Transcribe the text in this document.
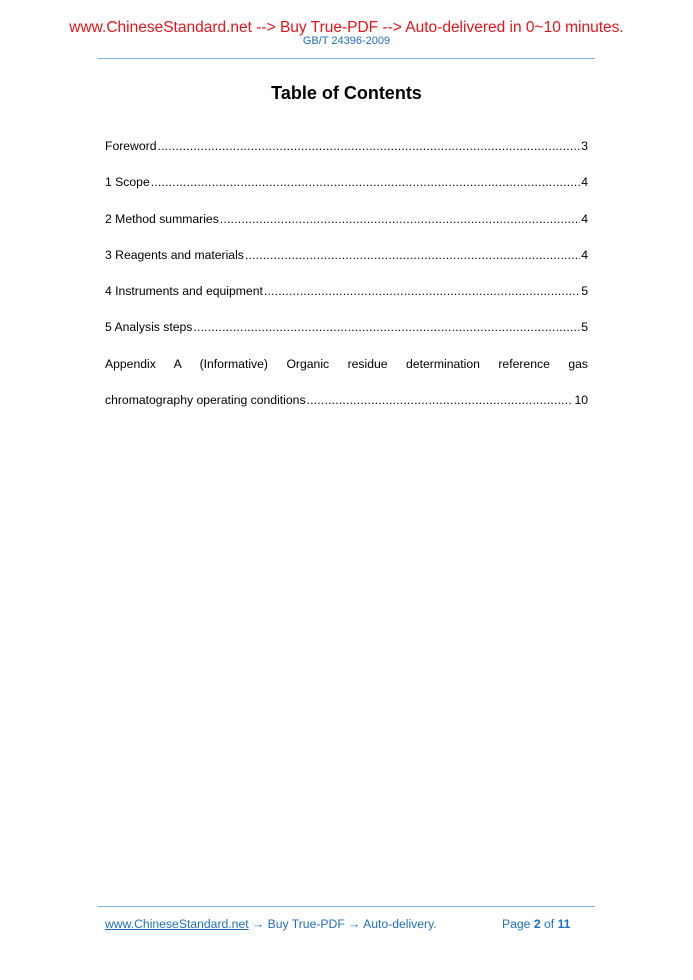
www.ChineseStandard.net --> Buy True-PDF --> Auto-delivered in 0~10 minutes.
GB/T 24396-2009
Table of Contents
Foreword .....	3
1 Scope .....	4
2 Method summaries .....	4
3 Reagents and materials .....	4
4 Instruments and equipment .....	5
5 Analysis steps .....	5
Appendix A (Informative) Organic residue determination reference gas
chromatography operating conditions .....	10
www.ChineseStandard.net → Buy True-PDF → Auto-delivery.	Page 2 of 11
